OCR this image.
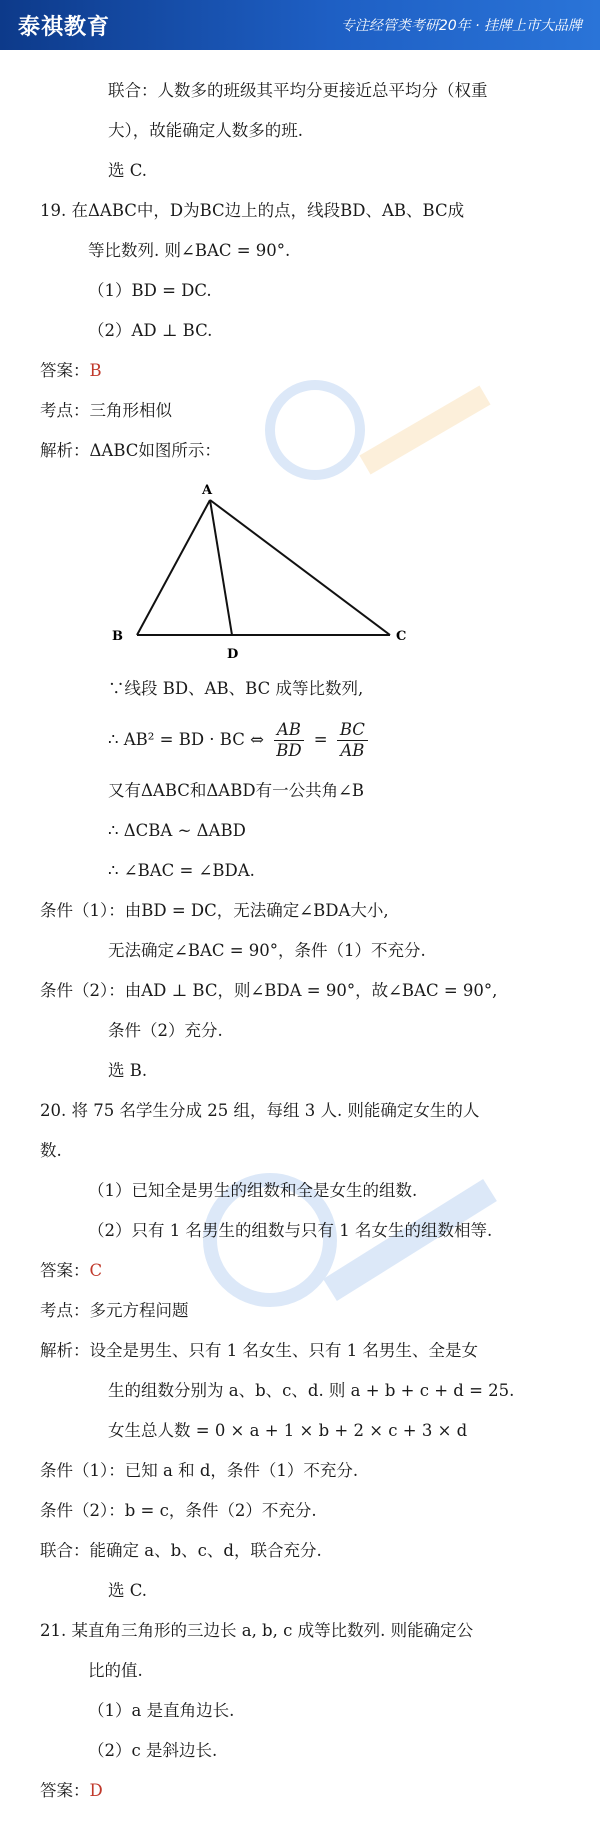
泰祺教育	专注经管类考研20年 · 挂牌上市大品牌
联合：人数多的班级其平均分更接近总平均分（权重
大），故能确定人数多的班.
选 C.
19. 在ΔABC中，D为BC边上的点，线段BD、AB、BC成
等比数列. 则∠BAC = 90°.
（1）BD = DC.
（2）AD ⊥ BC.
答案：B
考点：三角形相似
解析：ΔABC如图所示：
A
B	C
D
∵线段 BD、AB、BC 成等比数列,
∴ AB² = BD · BC ⇔ $\frac{AB}{BD} = \frac{BC}{AB}$
又有ΔABC和ΔABD有一公共角∠B
∴ ΔCBA ~ ΔABD
∴ ∠BAC = ∠BDA.
条件（1）：由BD = DC，无法确定∠BDA大小,
无法确定∠BAC = 90°，条件（1）不充分.
条件（2）：由AD ⊥ BC，则∠BDA = 90°，故∠BAC = 90°,
条件（2）充分.
选 B.
20. 将 75 名学生分成 25 组，每组 3 人. 则能确定女生的人
数.
（1）已知全是男生的组数和全是女生的组数.
（2）只有 1 名男生的组数与只有 1 名女生的组数相等.
答案：C
考点：多元方程问题
解析：设全是男生、只有 1 名女生、只有 1 名男生、全是女
生的组数分别为 a、b、c、d. 则 a + b + c + d = 25.
女生总人数 = 0 × a + 1 × b + 2 × c + 3 × d
条件（1）：已知 a 和 d，条件（1）不充分.
条件（2）：b = c，条件（2）不充分.
联合：能确定 a、b、c、d，联合充分.
选 C.
21. 某直角三角形的三边长 a, b, c 成等比数列. 则能确定公
比的值.
（1）a 是直角边长.
（2）c 是斜边长.
答案：D
